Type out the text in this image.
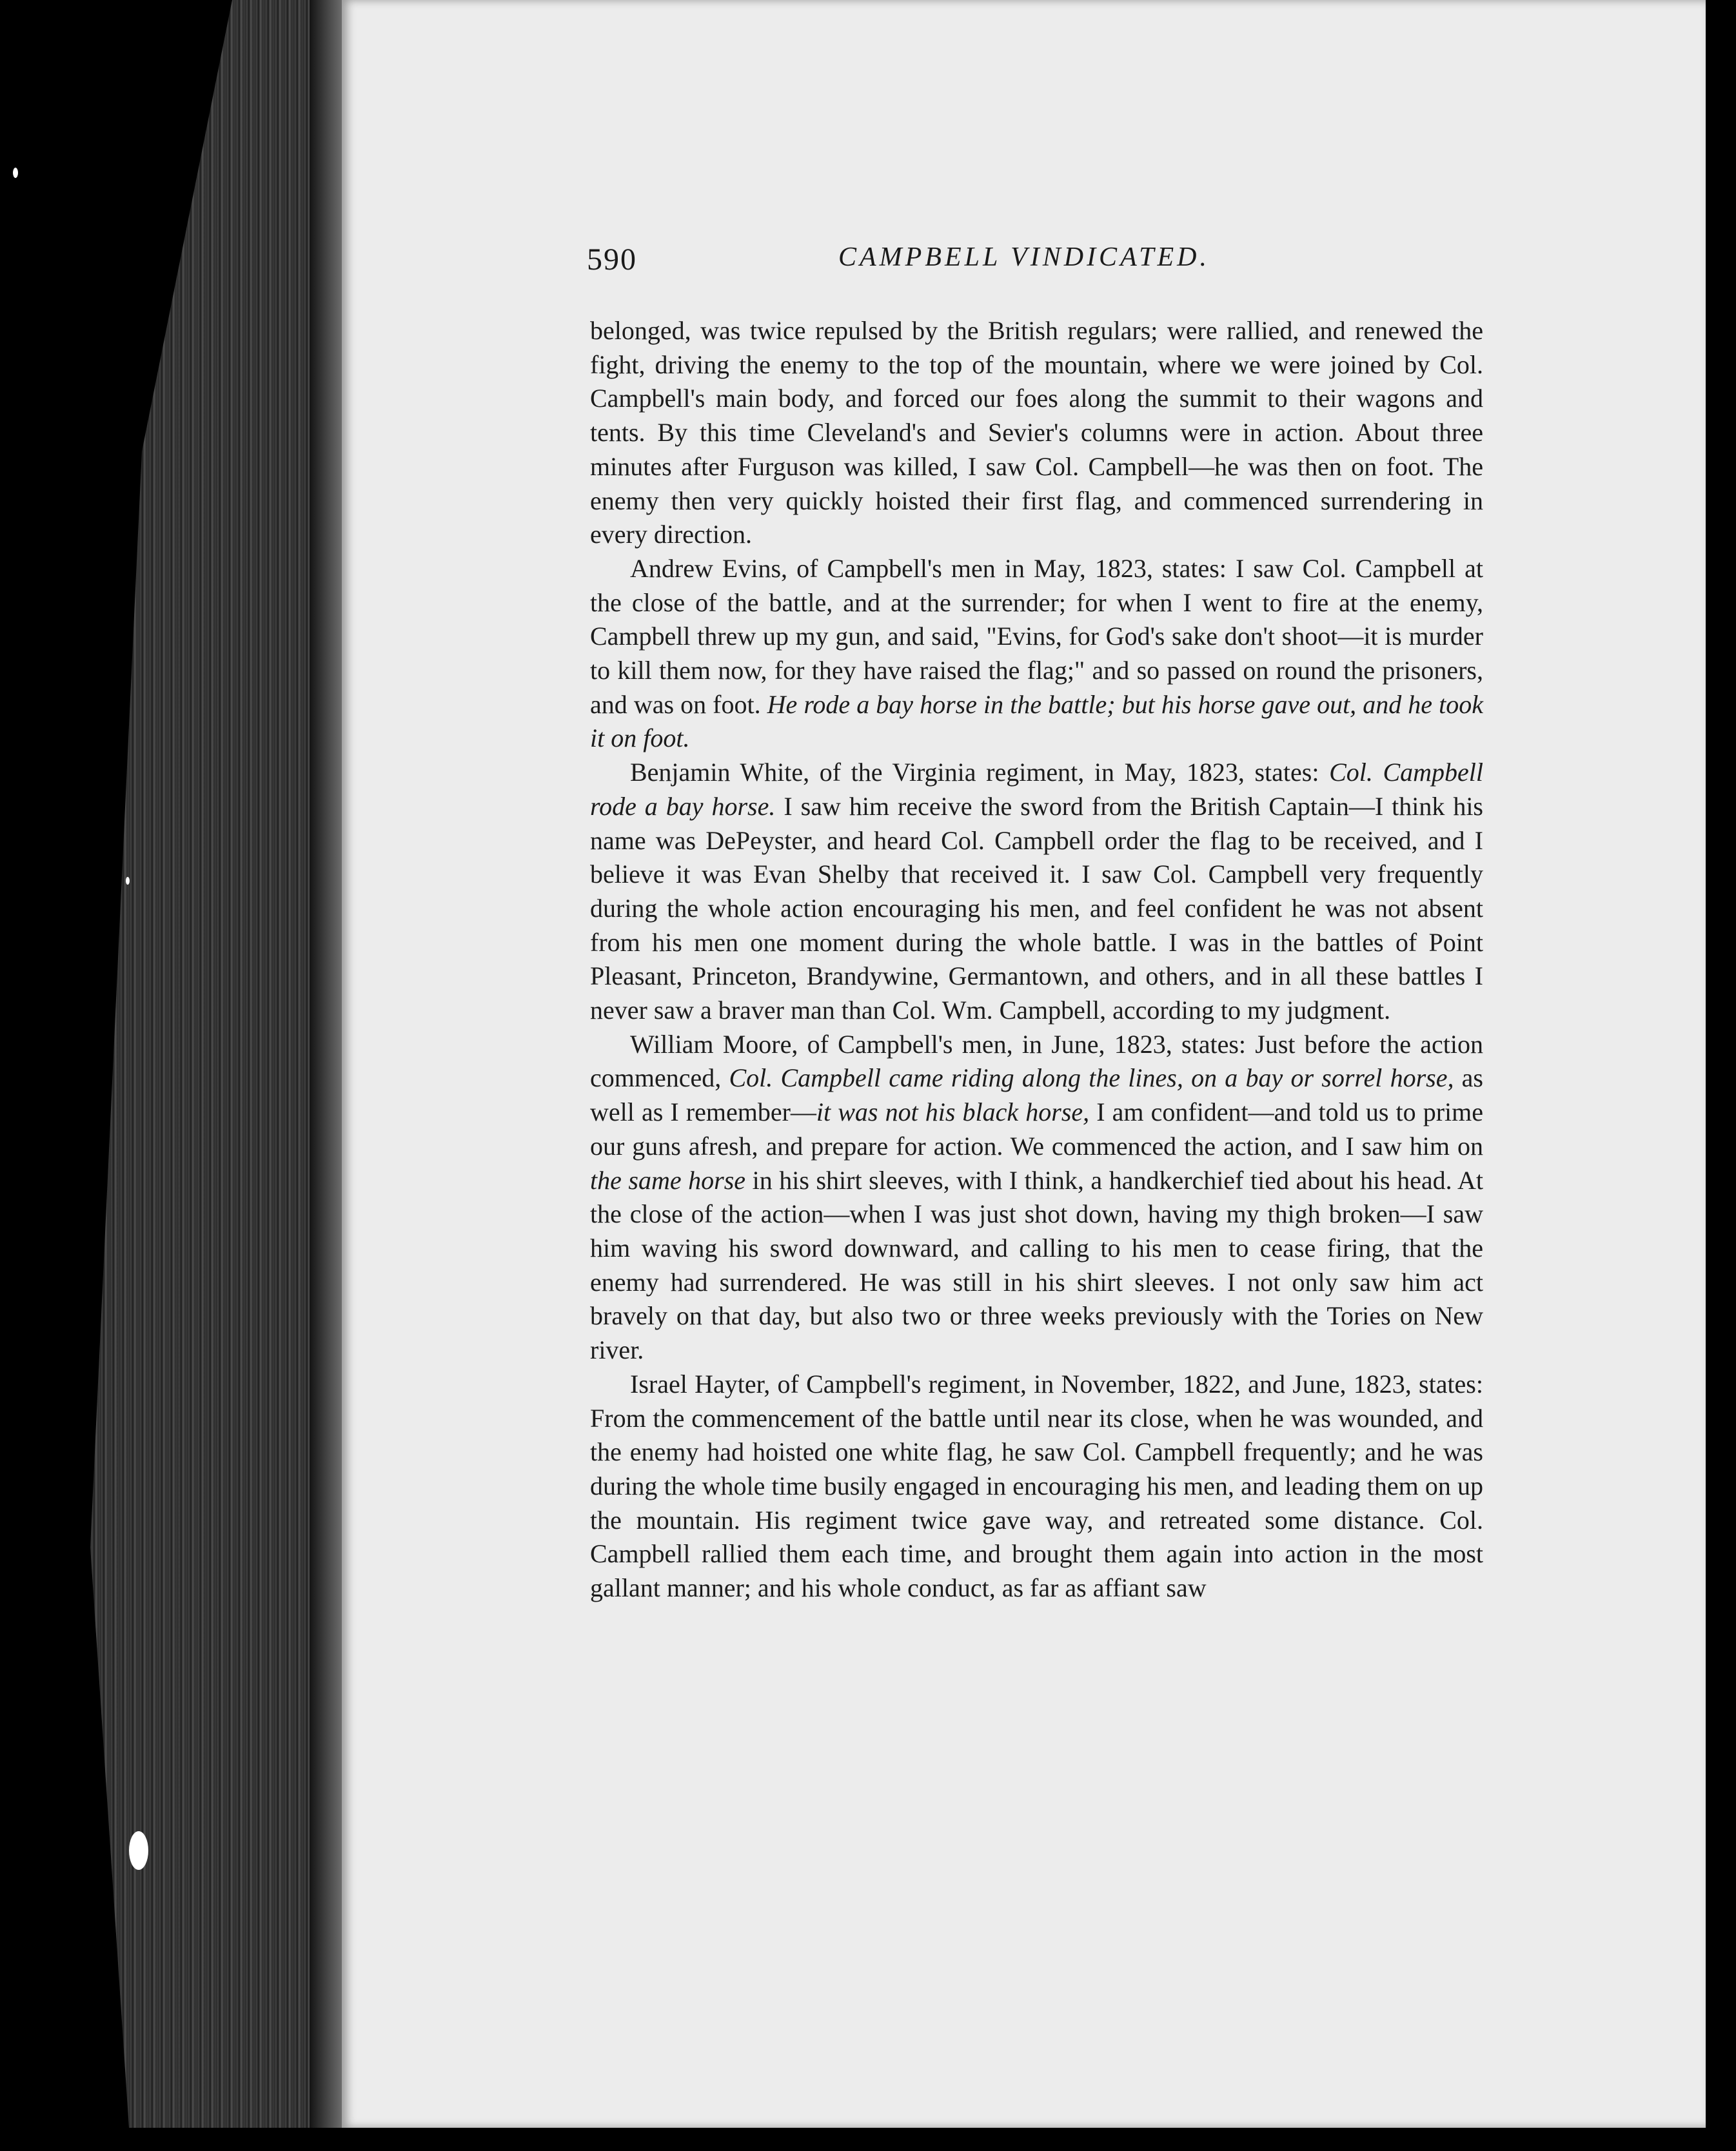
590	CAMPBELL VINDICATED.

belonged, was twice repulsed by the British regulars; were rallied, and renewed the fight, driving the enemy to the top of the mountain, where we were joined by Col. Campbell's main body, and forced our foes along the summit to their wagons and tents. By this time Cleveland's and Sevier's columns were in action. About three minutes after Furguson was killed, I saw Col. Campbell—he was then on foot. The enemy then very quickly hoisted their first flag, and commenced surrendering in every direction.

Andrew Evins, of Campbell's men in May, 1823, states: I saw Col. Campbell at the close of the battle, and at the surrender; for when I went to fire at the enemy, Campbell threw up my gun, and said, "Evins, for God's sake don't shoot—it is murder to kill them now, for they have raised the flag;" and so passed on round the prisoners, and was on foot. He rode a bay horse in the battle; but his horse gave out, and he took it on foot.

Benjamin White, of the Virginia regiment, in May, 1823, states: Col. Campbell rode a bay horse. I saw him receive the sword from the British Captain—I think his name was DePeyster, and heard Col. Campbell order the flag to be received, and I believe it was Evan Shelby that received it. I saw Col. Campbell very frequently during the whole action encouraging his men, and feel confident he was not absent from his men one moment during the whole battle. I was in the battles of Point Pleasant, Princeton, Brandywine, Germantown, and others, and in all these battles I never saw a braver man than Col. Wm. Campbell, according to my judgment.

William Moore, of Campbell's men, in June, 1823, states: Just before the action commenced, Col. Campbell came riding along the lines, on a bay or sorrel horse, as well as I remember—it was not his black horse, I am confident—and told us to prime our guns afresh, and prepare for action. We commenced the action, and I saw him on the same horse in his shirt sleeves, with I think, a handkerchief tied about his head. At the close of the action—when I was just shot down, having my thigh broken—I saw him waving his sword downward, and calling to his men to cease firing, that the enemy had surrendered. He was still in his shirt sleeves. I not only saw him act bravely on that day, but also two or three weeks previously with the Tories on New river.

Israel Hayter, of Campbell's regiment, in November, 1822, and June, 1823, states: From the commencement of the battle until near its close, when he was wounded, and the enemy had hoisted one white flag, he saw Col. Campbell frequently; and he was during the whole time busily engaged in encouraging his men, and leading them on up the mountain. His regiment twice gave way, and retreated some distance. Col. Campbell rallied them each time, and brought them again into action in the most gallant manner; and his whole conduct, as far as affiant saw
